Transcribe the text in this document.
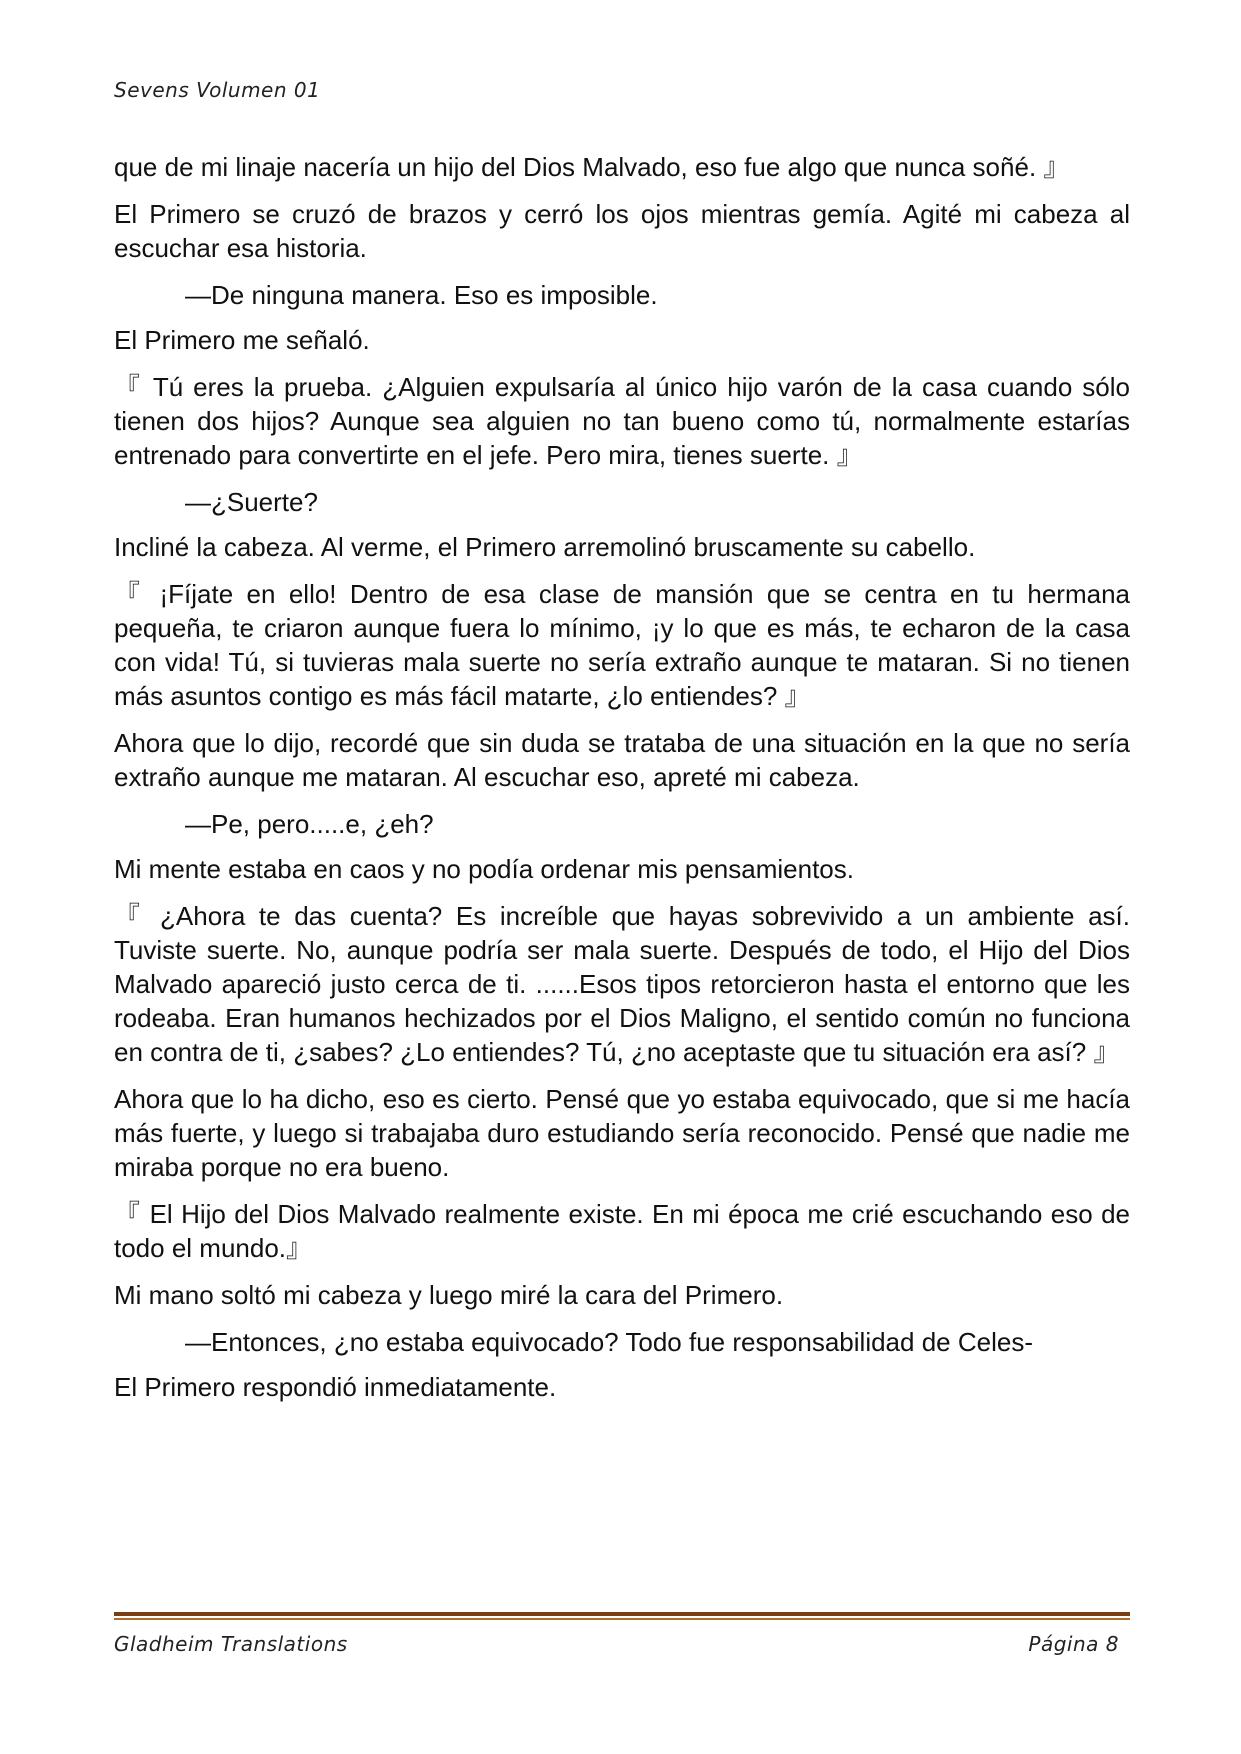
Sevens Volumen 01

que de mi linaje nacería un hijo del Dios Malvado, eso fue algo que nunca soñé. 』

El Primero se cruzó de brazos y cerró los ojos mientras gemía. Agité mi cabeza al escuchar esa historia.

—De ninguna manera. Eso es imposible.

El Primero me señaló.

『 Tú eres la prueba. ¿Alguien expulsaría al único hijo varón de la casa cuando sólo tienen dos hijos? Aunque sea alguien no tan bueno como tú, normalmente estarías entrenado para convertirte en el jefe. Pero mira, tienes suerte. 』

—¿Suerte?

Incliné la cabeza. Al verme, el Primero arremolinó bruscamente su cabello.

『 ¡Fíjate en ello! Dentro de esa clase de mansión que se centra en tu hermana pequeña, te criaron aunque fuera lo mínimo, ¡y lo que es más, te echaron de la casa con vida! Tú, si tuvieras mala suerte no sería extraño aunque te mataran. Si no tienen más asuntos contigo es más fácil matarte, ¿lo entiendes? 』

Ahora que lo dijo, recordé que sin duda se trataba de una situación en la que no sería extraño aunque me mataran. Al escuchar eso, apreté mi cabeza.

—Pe, pero.....e, ¿eh?

Mi mente estaba en caos y no podía ordenar mis pensamientos.

『 ¿Ahora te das cuenta? Es increíble que hayas sobrevivido a un ambiente así. Tuviste suerte. No, aunque podría ser mala suerte. Después de todo, el Hijo del Dios Malvado apareció justo cerca de ti. ......Esos tipos retorcieron hasta el entorno que les rodeaba. Eran humanos hechizados por el Dios Maligno, el sentido común no funciona en contra de ti, ¿sabes? ¿Lo entiendes? Tú, ¿no aceptaste que tu situación era así? 』

Ahora que lo ha dicho, eso es cierto. Pensé que yo estaba equivocado, que si me hacía más fuerte, y luego si trabajaba duro estudiando sería reconocido. Pensé que nadie me miraba porque no era bueno.

『 El Hijo del Dios Malvado realmente existe. En mi época me crié escuchando eso de todo el mundo.』

Mi mano soltó mi cabeza y luego miré la cara del Primero.

—Entonces, ¿no estaba equivocado? Todo fue responsabilidad de Celes-

El Primero respondió inmediatamente.

Gladheim Translations	Página 8
